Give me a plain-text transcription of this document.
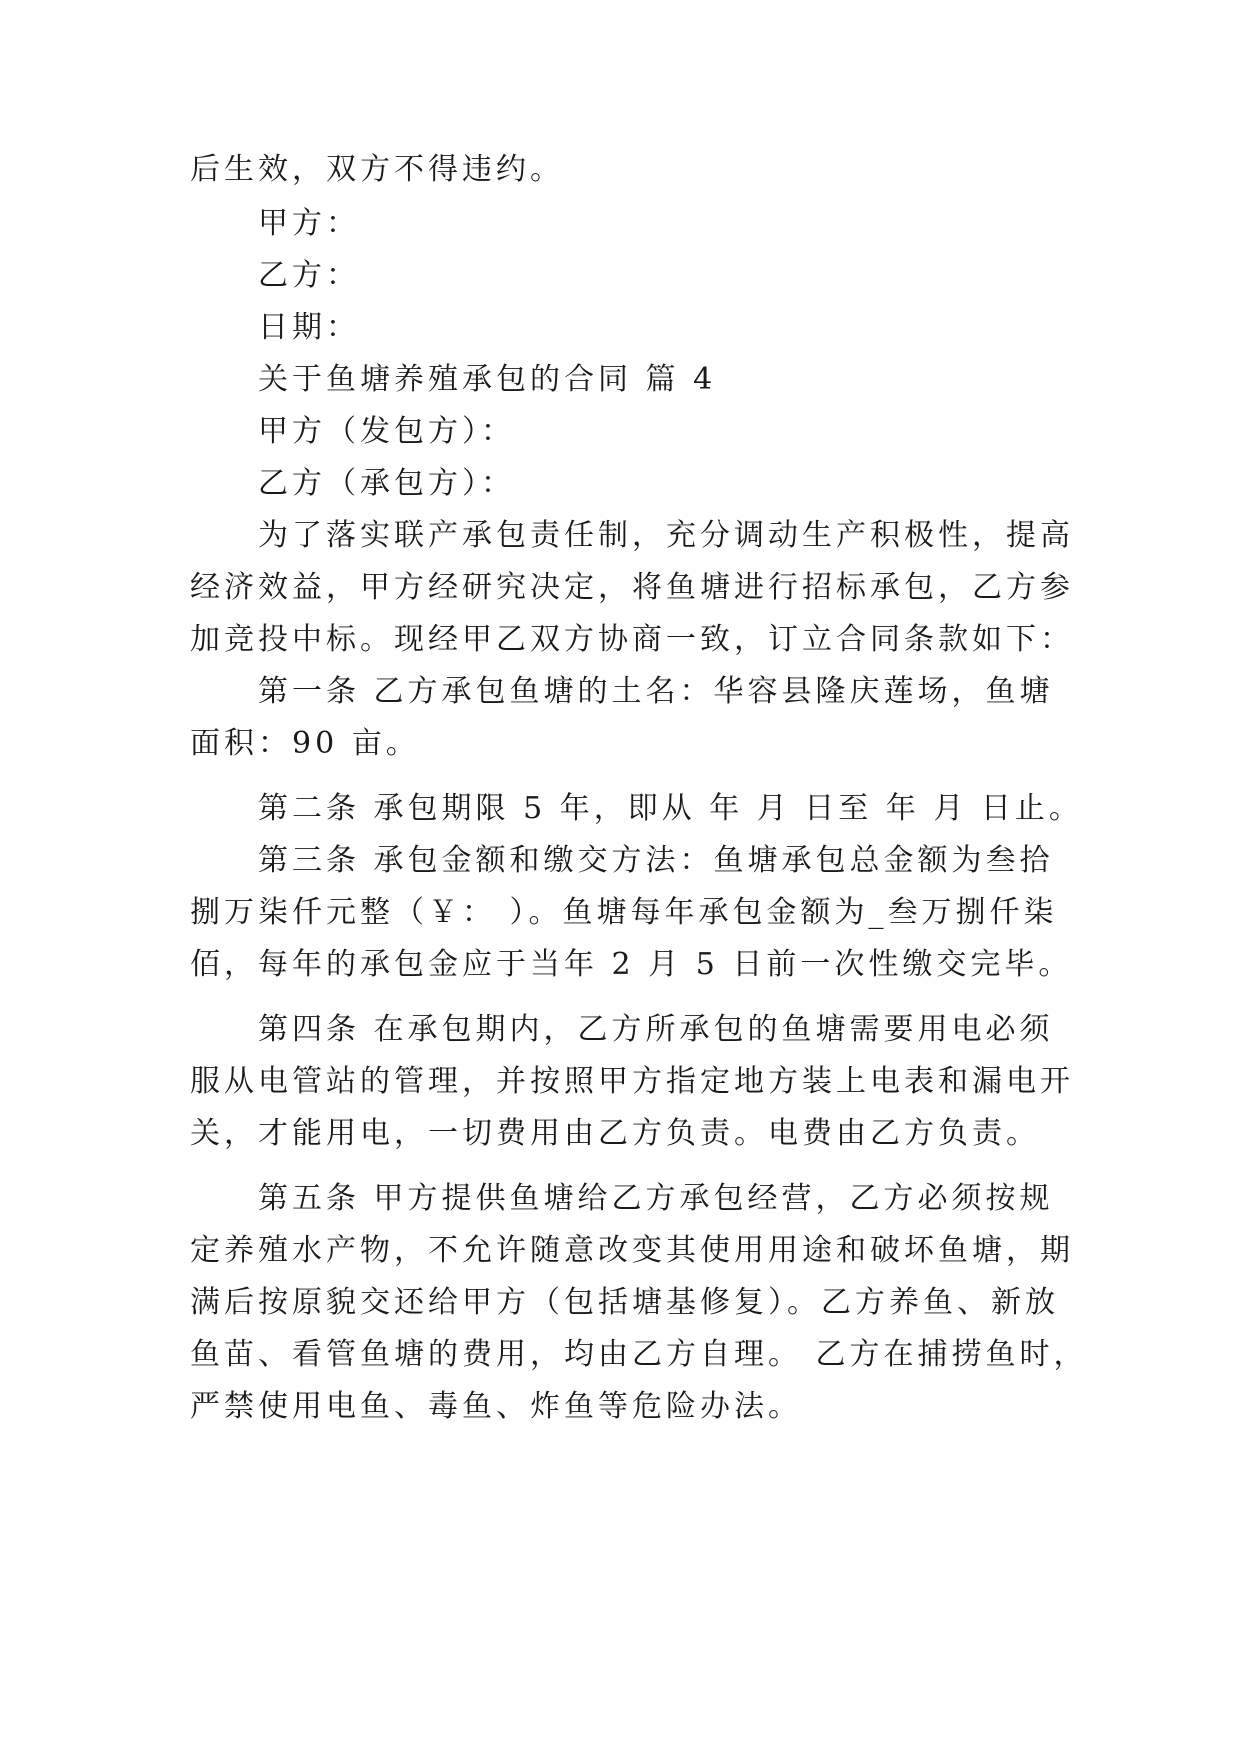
后生效，双方不得违约。
甲方：
乙方：
日期：
关于鱼塘养殖承包的合同 篇 4
甲方（发包方）：
乙方（承包方）：
为了落实联产承包责任制，充分调动生产积极性，提高
经济效益，甲方经研究决定，将鱼塘进行招标承包，乙方参
加竞投中标。现经甲乙双方协商一致，订立合同条款如下：
第一条 乙方承包鱼塘的土名：华容县隆庆莲场，鱼塘
面积：90 亩。
第二条 承包期限 5 年，即从 年 月 日至 年 月 日止。
第三条 承包金额和缴交方法：鱼塘承包总金额为叁拾
捌万柒仟元整（￥： ）。鱼塘每年承包金额为_叁万捌仟柒
佰，每年的承包金应于当年 2 月 5 日前一次性缴交完毕。
第四条 在承包期内，乙方所承包的鱼塘需要用电必须
服从电管站的管理，并按照甲方指定地方装上电表和漏电开
关，才能用电，一切费用由乙方负责。电费由乙方负责。
第五条 甲方提供鱼塘给乙方承包经营，乙方必须按规
定养殖水产物，不允许随意改变其使用用途和破坏鱼塘，期
满后按原貌交还给甲方（包括塘基修复）。乙方养鱼、新放
鱼苗、看管鱼塘的费用，均由乙方自理。 乙方在捕捞鱼时，
严禁使用电鱼、毒鱼、炸鱼等危险办法。
